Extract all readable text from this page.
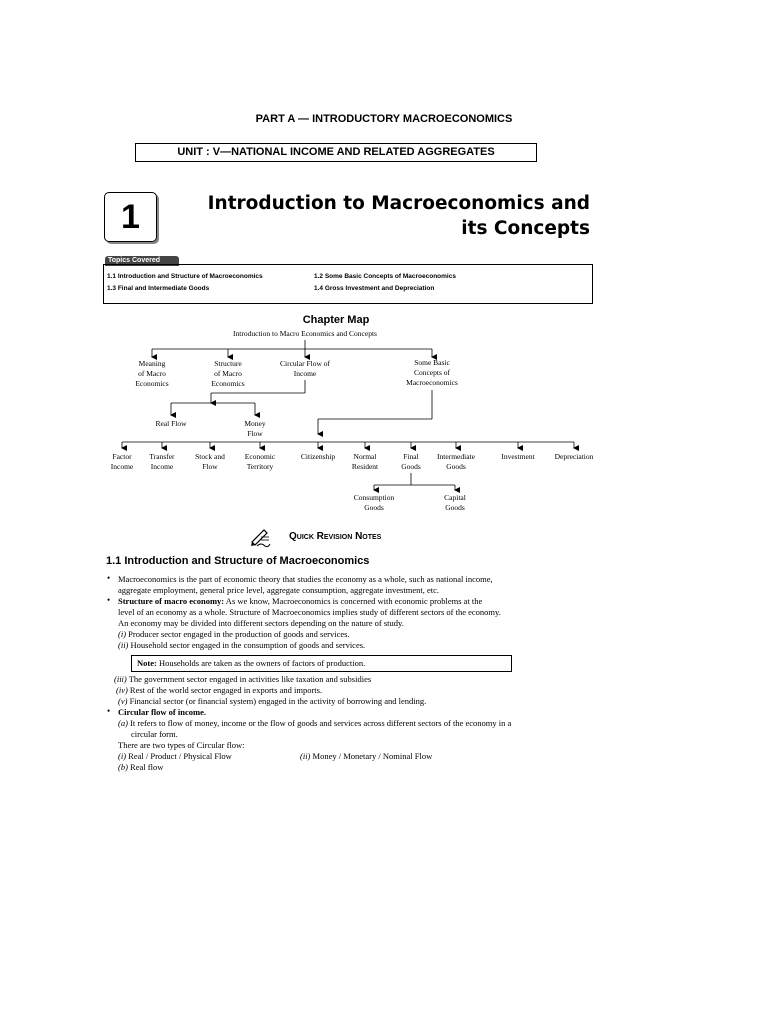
PART A — INTRODUCTORY MACROECONOMICS
UNIT : V—NATIONAL INCOME AND RELATED AGGREGATES
1	Introduction to Macroeconomics and
its Concepts
Topics Covered
1.1 Introduction and Structure of Macroeconomics	1.2 Some Basic Concepts of Macroeconomics
1.3 Final and Intermediate Goods	1.4 Gross Investment and Depreciation
Chapter Map
Introduction to Macro Economics and Concepts
Meaning
of Macro
Economics
Structure
of Macro
Economics
Circular Flow of
Income
Some Basic
Concepts of
Macroeconomics
Real Flow	Money
Flow
Factor
Income
Transfer
Income
Stock and
Flow
Economic
Territory
Citizenship	Normal
Resident
Final
Goods
Intermediate
Goods
Investment	Depreciation
Consumption
Goods
Capital
Goods
Quick Revision Notes
1.1 Introduction and Structure of Macroeconomics
• Macroeconomics is the part of economic theory that studies the economy as a whole, such as national income,
aggregate employment, general price level, aggregate consumption, aggregate investment, etc.
• Structure of macro economy: As we know, Macroeconomics is concerned with economic problems at the
level of an economy as a whole. Structure of Macroeconomics implies study of different sectors of the economy.
An economy may be divided into different sectors depending on the nature of study.
(i) Producer sector engaged in the production of goods and services.
(ii) Household sector engaged in the consumption of goods and services.
Note: Households are taken as the owners of factors of production.
(iii) The government sector engaged in activities like taxation and subsidies
(iv) Rest of the world sector engaged in exports and imports.
(v) Financial sector (or financial system) engaged in the activity of borrowing and lending.
• Circular flow of income.
(a) It refers to flow of money, income or the flow of goods and services across different sectors of the economy in a
circular form.
There are two types of Circular flow:
(i) Real / Product / Physical Flow	(ii) Money / Monetary / Nominal Flow
(b) Real flow
